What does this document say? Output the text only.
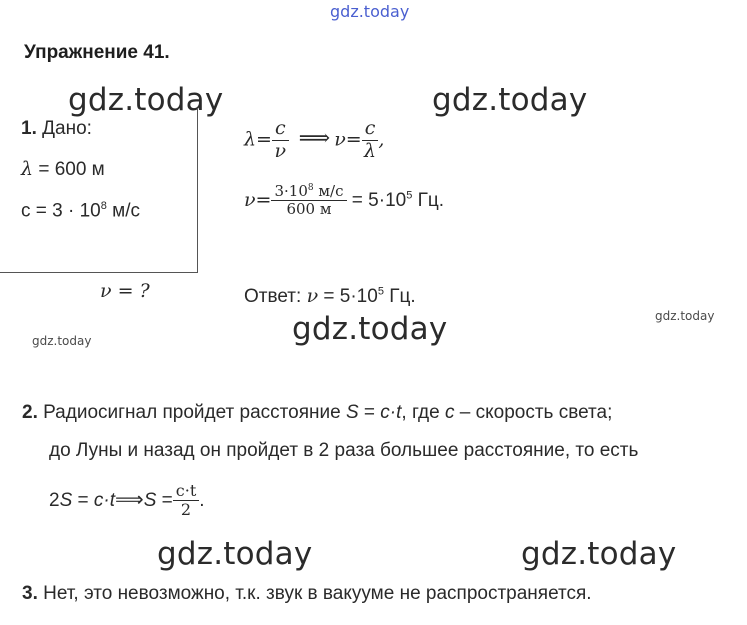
gdz.today
Упражнение 41.
gdz.today	gdz.today
gdz.today
gdz.today	gdz.today
gdz.today
gdz.today
1. Дано:
λ = 600 м
$c = 3 \cdot 10^8$ м/с
ν = ?
$\lambda= \frac{c}{\nu}$ ⟹ $\nu= \frac{c}{\lambda}$ ,
$\nu= \frac{3\cdot 10^8 м/с}{600 м} = 5\cdot 10^5$ Гц.
Ответ: $\nu = 5\cdot 10^5$ Гц.
2. Радиосигнал пройдет расстояние S = c·t, где c – скорость света;
до Луны и назад он пройдет в 2 раза большее расстояние, то есть
2S = c·t⟹S = $\frac{c\cdot t}{2}$ .
3. Нет, это невозможно, т.к. звук в вакууме не распространяется.
